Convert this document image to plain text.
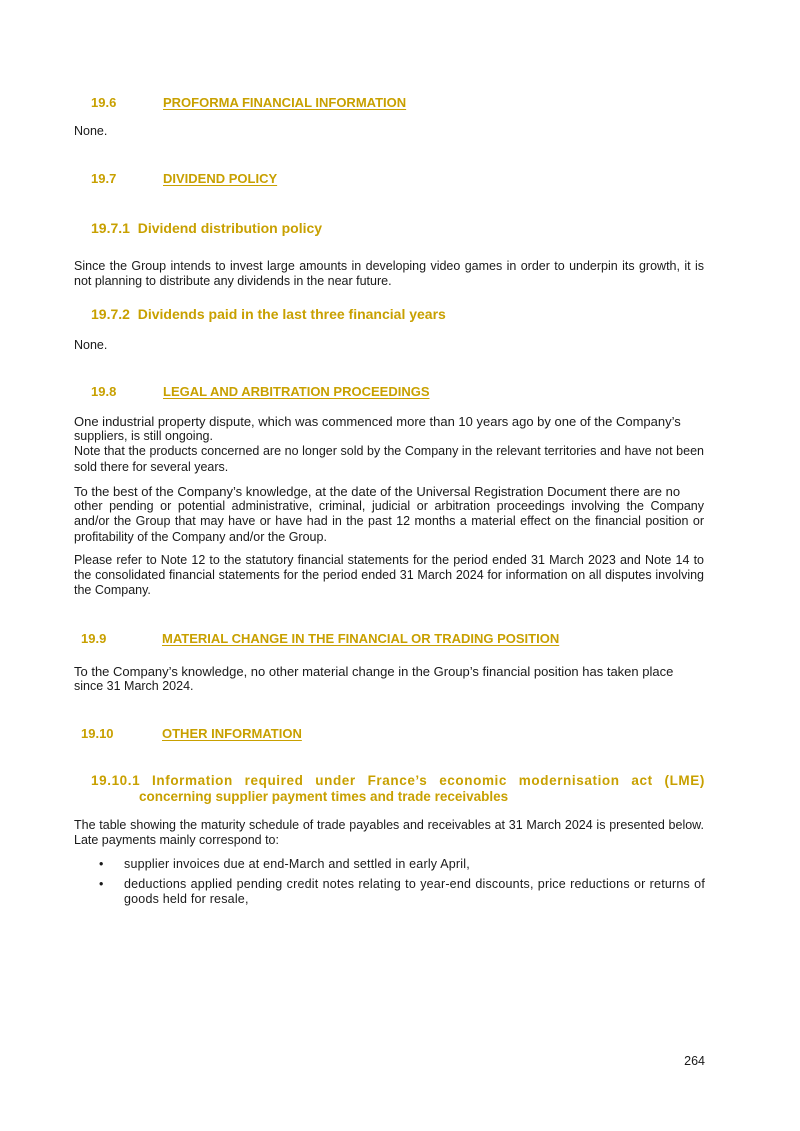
19.6	PROFORMA FINANCIAL INFORMATION
None.
19.7	DIVIDEND POLICY
19.7.1 Dividend distribution policy
Since the Group intends to invest large amounts in developing video games in order to underpin its growth, it is not planning to distribute any dividends in the near future.
19.7.2 Dividends paid in the last three financial years
None.
19.8	LEGAL AND ARBITRATION PROCEEDINGS
One industrial property dispute, which was commenced more than 10 years ago by one of the Company’s
suppliers, is still ongoing.
Note that the products concerned are no longer sold by the Company in the relevant territories and have not been sold there for several years.
To the best of the Company’s knowledge, at the date of the Universal Registration Document there are no
other pending or potential administrative, criminal, judicial or arbitration proceedings involving the Company and/or the Group that may have or have had in the past 12 months a material effect on the financial position or profitability of the Company and/or the Group.
Please refer to Note 12 to the statutory financial statements for the period ended 31 March 2023 and Note 14 to the consolidated financial statements for the period ended 31 March 2024 for information on all disputes involving the Company.
19.9	MATERIAL CHANGE IN THE FINANCIAL OR TRADING POSITION
To the Company’s knowledge, no other material change in the Group’s financial position has taken place
since 31 March 2024.
19.10	OTHER INFORMATION
19.10.1 Information required under France’s economic modernisation act (LME)
concerning supplier payment times and trade receivables
The table showing the maturity schedule of trade payables and receivables at 31 March 2024 is presented below. Late payments mainly correspond to:
• supplier invoices due at end-March and settled in early April,
• deductions applied pending credit notes relating to year-end discounts, price reductions or returns of goods held for resale,
264
